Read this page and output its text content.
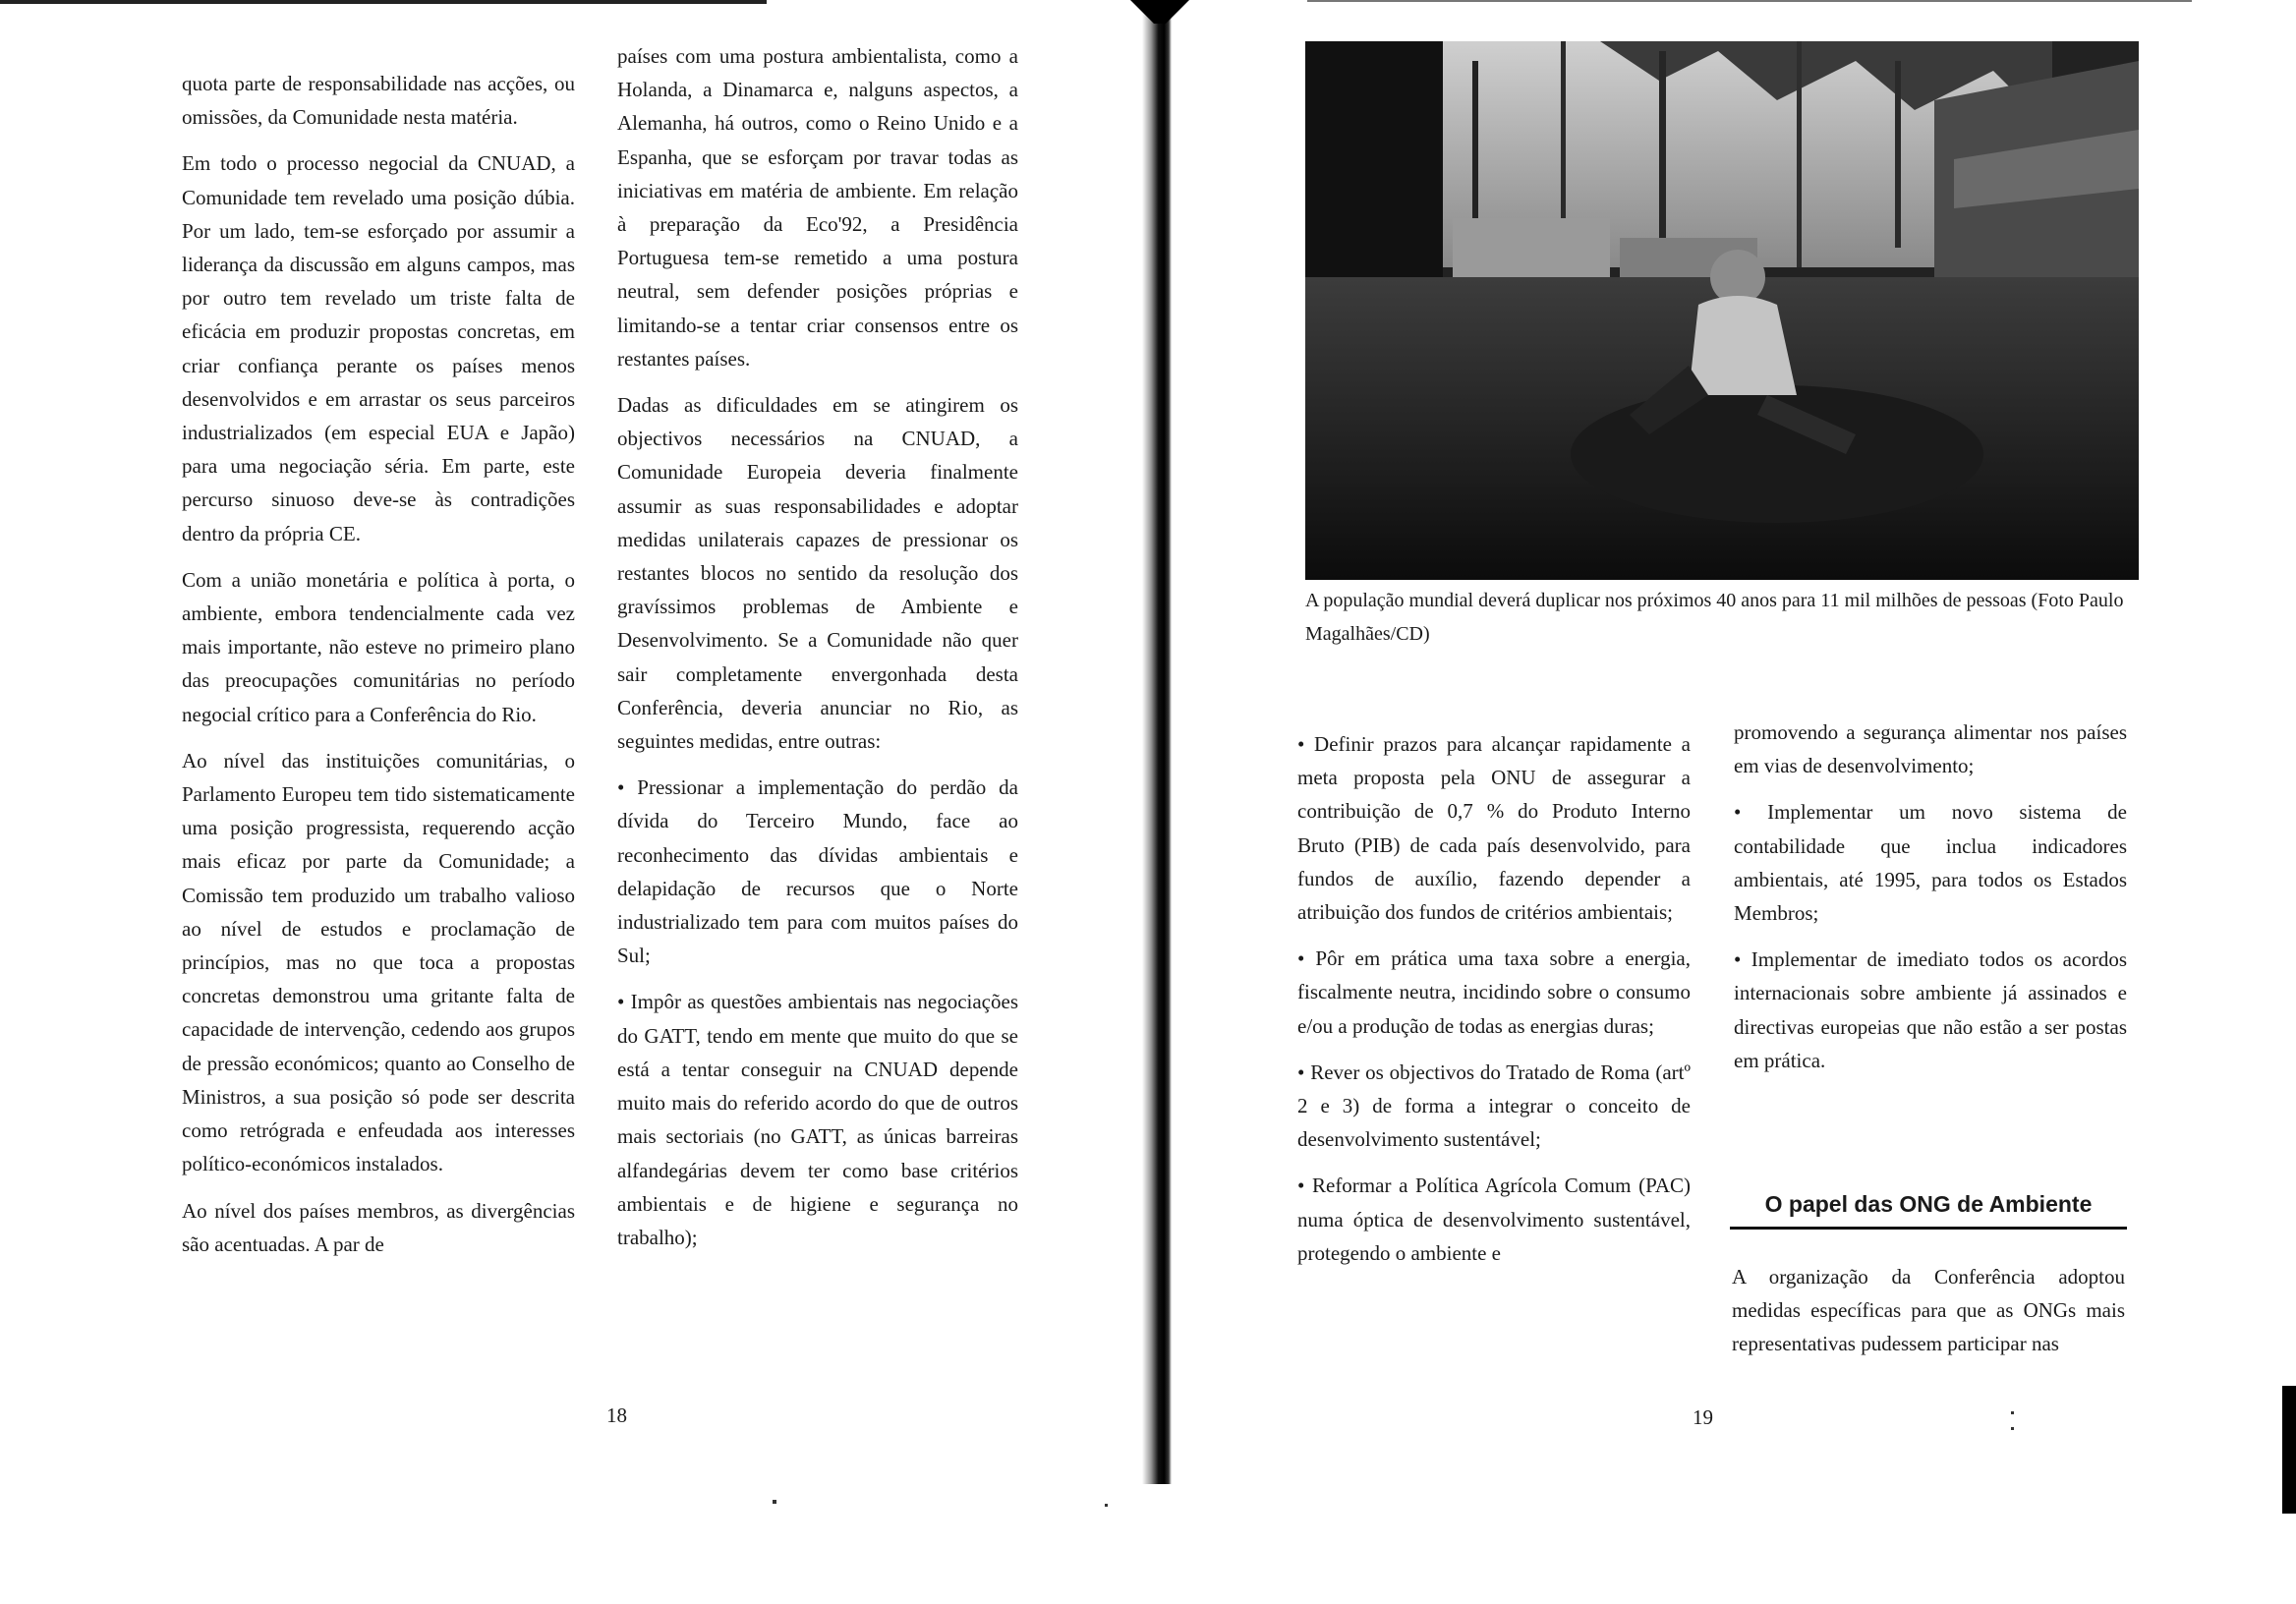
quota parte de responsabilidade nas acções, ou omissões, da Comunidade nesta matéria.

Em todo o processo negocial da CNUAD, a Comunidade tem revelado uma posição dúbia. Por um lado, tem-se esforçado por assumir a liderança da discussão em alguns campos, mas por outro tem revelado um triste falta de eficácia em produzir propostas concretas, em criar confiança perante os países menos desenvolvidos e em arrastar os seus parceiros industrializados (em especial EUA e Japão) para uma negociação séria. Em parte, este percurso sinuoso deve-se às contradições dentro da própria CE.

Com a união monetária e política à porta, o ambiente, embora tendencialmente cada vez mais importante, não esteve no primeiro plano das preocupações comunitárias no período negocial crítico para a Conferência do Rio.

Ao nível das instituições comunitárias, o Parlamento Europeu tem tido sistematicamente uma posição progressista, requerendo acção mais eficaz por parte da Comunidade; a Comissão tem produzido um trabalho valioso ao nível de estudos e proclamação de princípios, mas no que toca a propostas concretas demonstrou uma gritante falta de capacidade de intervenção, cedendo aos grupos de pressão económicos; quanto ao Conselho de Ministros, a sua posição só pode ser descrita como retrógrada e enfeudada aos interesses político-económicos instalados.

Ao nível dos países membros, as divergências são acentuadas. A par de

países com uma postura ambientalista, como a Holanda, a Dinamarca e, nalguns aspectos, a Alemanha, há outros, como o Reino Unido e a Espanha, que se esforçam por travar todas as iniciativas em matéria de ambiente. Em relação à preparação da Eco'92, a Presidência Portuguesa tem-se remetido a uma postura neutral, sem defender posições próprias e limitando-se a tentar criar consensos entre os restantes países.

Dadas as dificuldades em se atingirem os objectivos necessários na CNUAD, a Comunidade Europeia deveria finalmente assumir as suas responsabilidades e adoptar medidas unilaterais capazes de pressionar os restantes blocos no sentido da resolução dos gravíssimos problemas de Ambiente e Desenvolvimento. Se a Comunidade não quer sair completamente envergonhada desta Conferência, deveria anunciar no Rio, as seguintes medidas, entre outras:

• Pressionar a implementação do perdão da dívida do Terceiro Mundo, face ao reconhecimento das dívidas ambientais e delapidação de recursos que o Norte industrializado tem para com muitos países do Sul;

• Impôr as questões ambientais nas negociações do GATT, tendo em mente que muito do que se está a tentar conseguir na CNUAD depende muito mais do referido acordo do que de outros mais sectoriais (no GATT, as únicas barreiras alfandegárias devem ter como base critérios ambientais e de higiene e segurança no trabalho);

18
A população mundial deverá duplicar nos próximos 40 anos para 11 mil milhões de pessoas (Foto Paulo Magalhães/CD)

• Definir prazos para alcançar rapidamente a meta proposta pela ONU de assegurar a contribuição de 0,7 % do Produto Interno Bruto (PIB) de cada país desenvolvido, para fundos de auxílio, fazendo depender a atribuição dos fundos de critérios ambientais;

• Pôr em prática uma taxa sobre a energia, fiscalmente neutra, incidindo sobre o consumo e/ou a produção de todas as energias duras;

• Rever os objectivos do Tratado de Roma (artº 2 e 3) de forma a integrar o conceito de desenvolvimento sustentável;

• Reformar a Política Agrícola Comum (PAC) numa óptica de desenvolvimento sustentável, protegendo o ambiente e

promovendo a segurança alimentar nos países em vias de desenvolvimento;

• Implementar um novo sistema de contabilidade que inclua indicadores ambientais, até 1995, para todos os Estados Membros;

• Implementar de imediato todos os acordos internacionais sobre ambiente já assinados e directivas europeias que não estão a ser postas em prática.

O papel das ONG de Ambiente

A organização da Conferência adoptou medidas específicas para que as ONGs mais representativas pudessem participar nas

19
